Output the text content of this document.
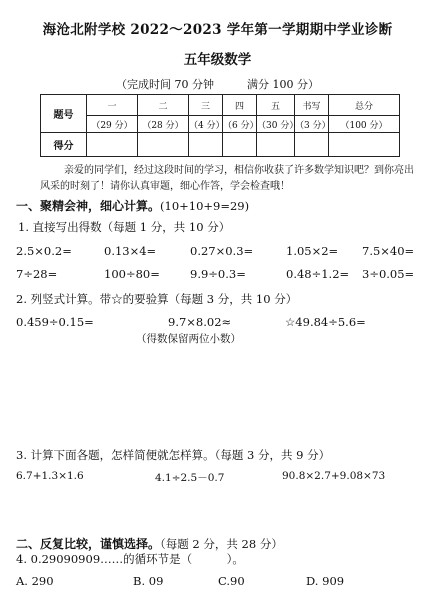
海沧北附学校 2022～2023 学年第一学期期中学业诊断
五年级数学
（完成时间 70 分钟	满分 100 分）
题号	一	二	三	四	五	书写	总分
	（29 分）	（28 分）	（4 分）	（6 分）	（30 分）	（3 分）	（100 分）
得分							
亲爱的同学们，经过这段时间的学习，相信你收获了许多数学知识吧？到你亮出
风采的时刻了！请你认真审题，细心作答，学会检查哦！
一、聚精会神，细心计算。(10+10+9=29)
1. 直接写出得数（每题 1 分，共 10 分）
2.5×0.2=	0.13×4=	0.27×0.3=	1.05×2= 7.5×40=
7÷28=	100÷80=	9.9÷0.3=	0.48÷1.2= 3÷0.05=
2. 列竖式计算。带☆的要验算（每题 3 分，共 10 分）
0.459÷0.15=	9.7×8.02≈	☆49.84÷5.6=
（得数保留两位小数）
3. 计算下面各题，怎样简便就怎样算。（每题 3 分，共 9 分）
6.7+1.3×1.6	4.1÷2.5－0.7	90.8×2.7+9.08×73
二、反复比较，谨慎选择。（每题 2 分，共 28 分）
4. 0.29090909……的循环节是（　　　）。
A. 290	B. 09	C.90	D. 909
